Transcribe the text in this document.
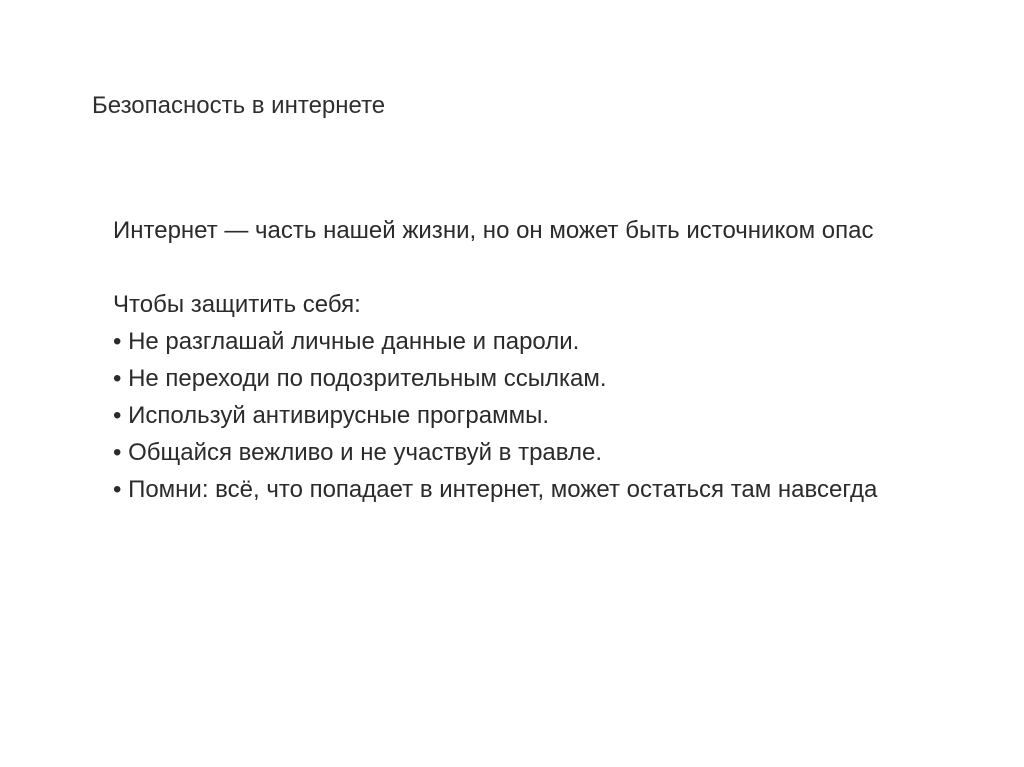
Безопасность в интернете
Интернет — часть нашей жизни, но он может быть источником опас
Чтобы защитить себя:
• Не разглашай личные данные и пароли.
• Не переходи по подозрительным ссылкам.
• Используй антивирусные программы.
• Общайся вежливо и не участвуй в травле.
• Помни: всё, что попадает в интернет, может остаться там навсегда
